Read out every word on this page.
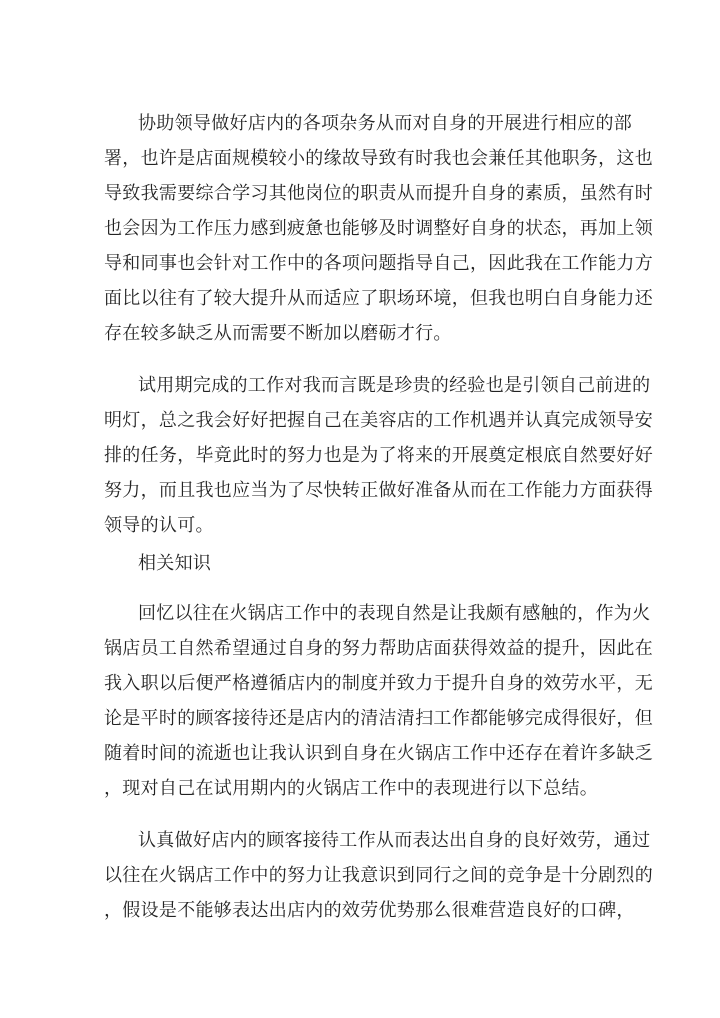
协助领导做好店内的各项杂务从而对自身的开展进行相应的部
署，也许是店面规模较小的缘故导致有时我也会兼任其他职务，这也
导致我需要综合学习其他岗位的职责从而提升自身的素质，虽然有时
也会因为工作压力感到疲惫也能够及时调整好自身的状态，再加上领
导和同事也会针对工作中的各项问题指导自己，因此我在工作能力方
面比以往有了较大提升从而适应了职场环境，但我也明白自身能力还
存在较多缺乏从而需要不断加以磨砺才行。
试用期完成的工作对我而言既是珍贵的经验也是引领自己前进的
明灯，总之我会好好把握自己在美容店的工作机遇并认真完成领导安
排的任务，毕竟此时的努力也是为了将来的开展奠定根底自然要好好
努力，而且我也应当为了尽快转正做好准备从而在工作能力方面获得
领导的认可。
相关知识
回忆以往在火锅店工作中的表现自然是让我颇有感触的，作为火
锅店员工自然希望通过自身的努力帮助店面获得效益的提升，因此在
我入职以后便严格遵循店内的制度并致力于提升自身的效劳水平，无
论是平时的顾客接待还是店内的清洁清扫工作都能够完成得很好，但
随着时间的流逝也让我认识到自身在火锅店工作中还存在着许多缺乏
，现对自己在试用期内的火锅店工作中的表现进行以下总结。
认真做好店内的顾客接待工作从而表达出自身的良好效劳，通过
以往在火锅店工作中的努力让我意识到同行之间的竞争是十分剧烈的
，假设是不能够表达出店内的效劳优势那么很难营造良好的口碑，
